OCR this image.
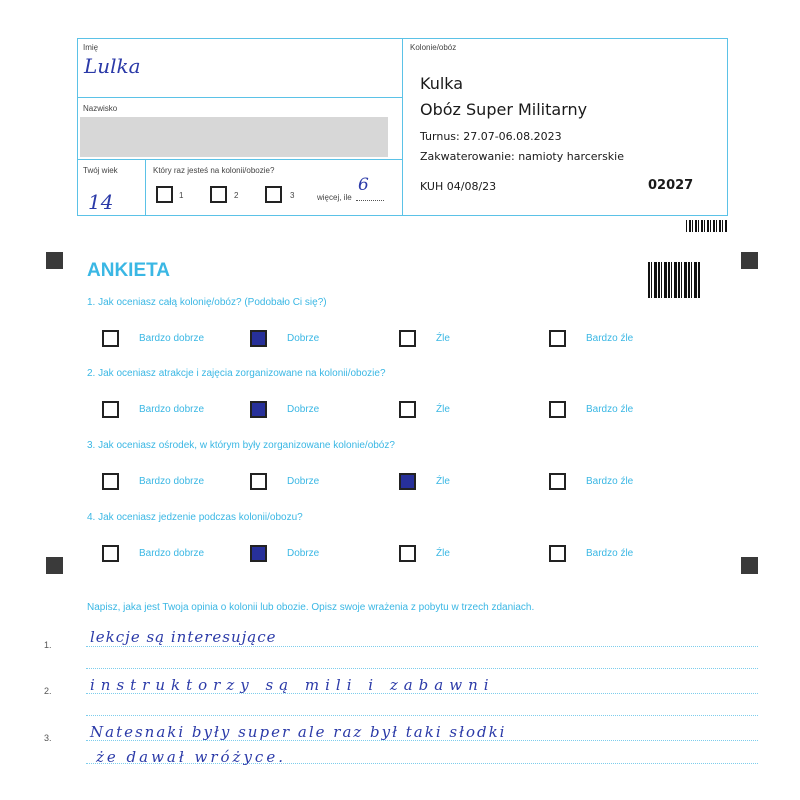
Imię
Lulka
Nazwisko
Twój wiek
14
Który raz jesteś na kolonii/obozie?
1	2	3	więcej, ile
6
Kolonie/obóz
Kulka
Obóz Super Militarny
Turnus: 27.07-06.08.2023
Zakwaterowanie: namioty harcerskie
KUH 04/08/23	02027
ANKIETA
1. Jak oceniasz całą kolonię/obóz? (Podobało Ci się?)
2. Jak oceniasz atrakcje i zajęcia zorganizowane na kolonii/obozie?
3. Jak oceniasz ośrodek, w którym były zorganizowane kolonie/obóz?
4. Jak oceniasz jedzenie podczas kolonii/obozu?
Bardzo dobrze	Dobrze	Źle	Bardzo źle
Bardzo dobrze	Dobrze	Źle	Bardzo źle
Bardzo dobrze	Dobrze	Źle	Bardzo źle
Bardzo dobrze	Dobrze	Źle	Bardzo źle
Napisz, jaka jest Twoja opinia o kolonii lub obozie. Opisz swoje wrażenia z pobytu w trzech zdaniach.
1.
2.
3.
lekcje są interesujące
instruktorzy są mili i zabawni
Natesnaki były super ale raz był taki słodki
że dawał wróżyce.
